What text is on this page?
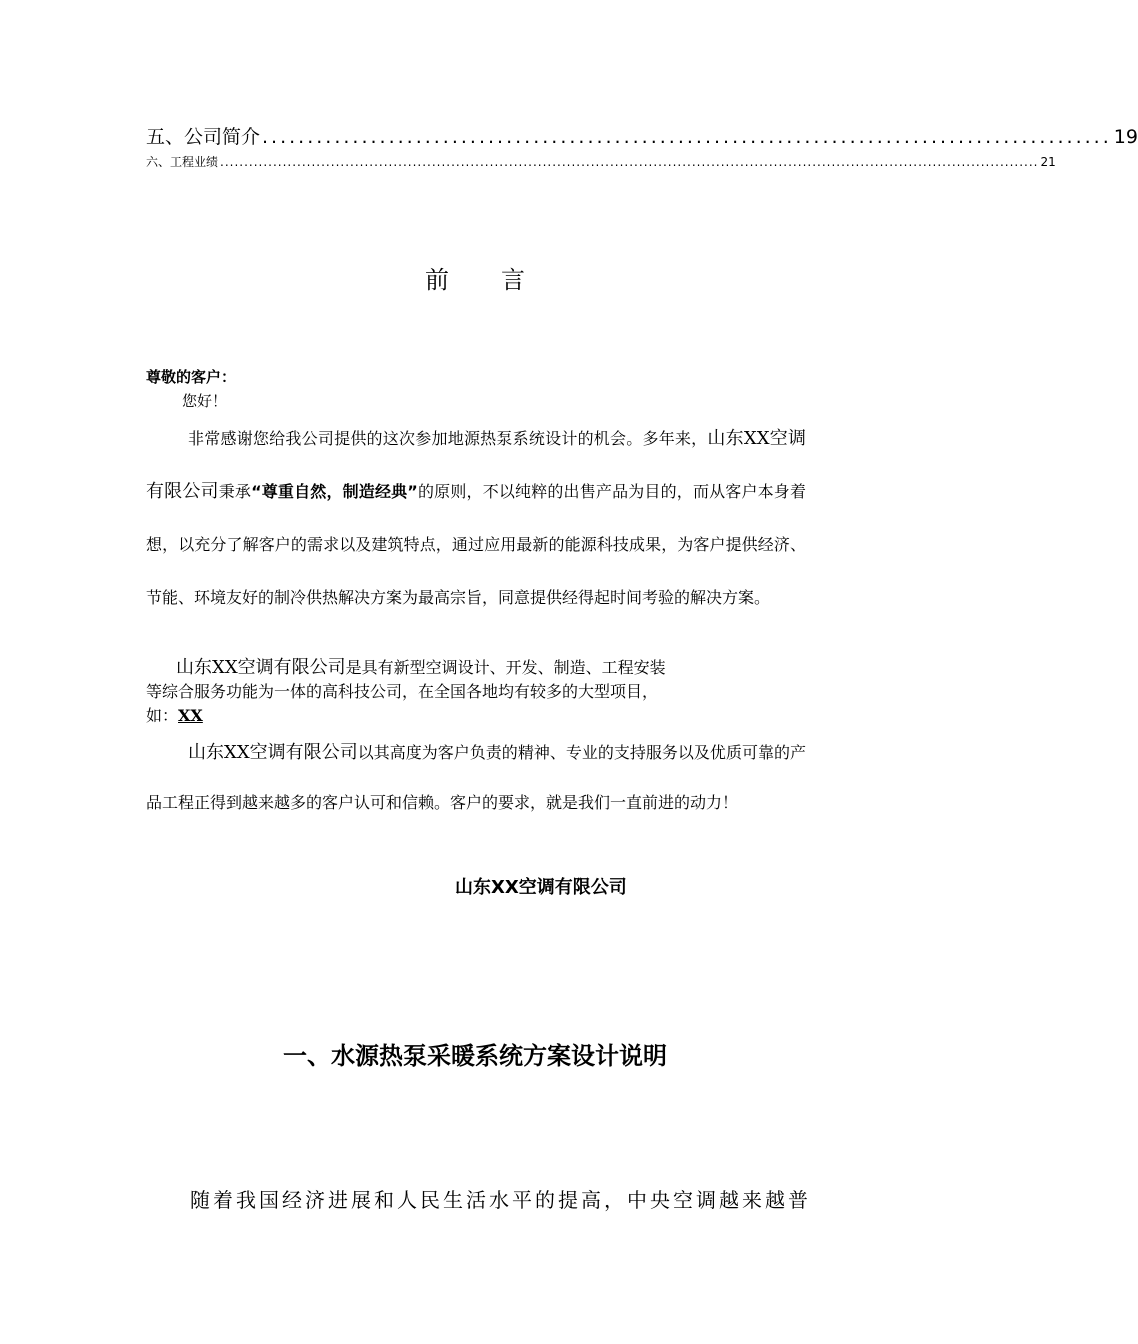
五、公司简介 .............................................................................................. 19
六、工程业绩 .......................................................................................................................................................................... 21
前 言
尊敬的客户：
您好！

非常感谢您给我公司提供的这次参加地源热泵系统设计的机会。多年来，山东XX空调有限公司秉承“尊重自然，制造经典”的原则，不以纯粹的出售产品为目的，而从客户本身着想，以充分了解客户的需求以及建筑特点，通过应用最新的能源科技成果，为客户提供经济、节能、环境友好的制冷供热解决方案为最高宗旨，同意提供经得起时间考验的解决方案。

山东XX空调有限公司是具有新型空调设计、开发、制造、工程安装
等综合服务功能为一体的高科技公司，在全国各地均有较多的大型项目，
如：XX

山东XX空调有限公司以其高度为客户负责的精神、专业的支持服务以及优质可靠的产品工程正得到越来越多的客户认可和信赖。客户的要求，就是我们一直前进的动力！

山东XX空调有限公司
一、水源热泵采暖系统方案设计说明
随着我国经济进展和人民生活水平的提高，中央空调越来越普
